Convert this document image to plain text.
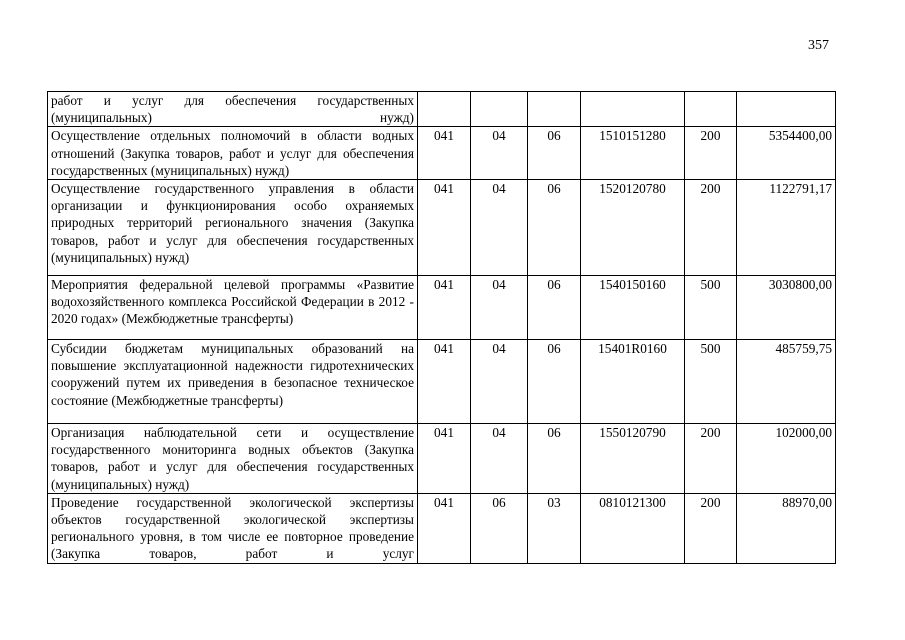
357
работ и услуг для обеспечения государственных (муниципальных) нужд)						
Осуществление отдельных полномочий в области водных отношений (Закупка товаров, работ и услуг для обеспечения государственных (муниципальных) нужд)	041	04	06	1510151280	200	5354400,00
Осуществление государственного управления в области организации и функционирования особо охраняемых природных территорий регионального значения (Закупка товаров, работ и услуг для обеспечения государственных (муниципальных) нужд)	041	04	06	1520120780	200	1122791,17
Мероприятия федеральной целевой программы «Развитие водохозяйственного комплекса Российской Федерации в 2012 - 2020 годах» (Межбюджетные трансферты)	041	04	06	1540150160	500	3030800,00
Субсидии бюджетам муниципальных образований на повышение эксплуатационной надежности гидротехнических сооружений путем их приведения в безопасное техническое состояние (Межбюджетные трансферты)	041	04	06	15401R0160	500	485759,75
Организация наблюдательной сети и осуществление государственного мониторинга водных объектов (Закупка товаров, работ и услуг для обеспечения государственных (муниципальных) нужд)	041	04	06	1550120790	200	102000,00
Проведение государственной экологической экспертизы объектов государственной экологической экспертизы регионального уровня, в том числе ее повторное проведение (Закупка товаров, работ и услуг	041	06	03	0810121300	200	88970,00
